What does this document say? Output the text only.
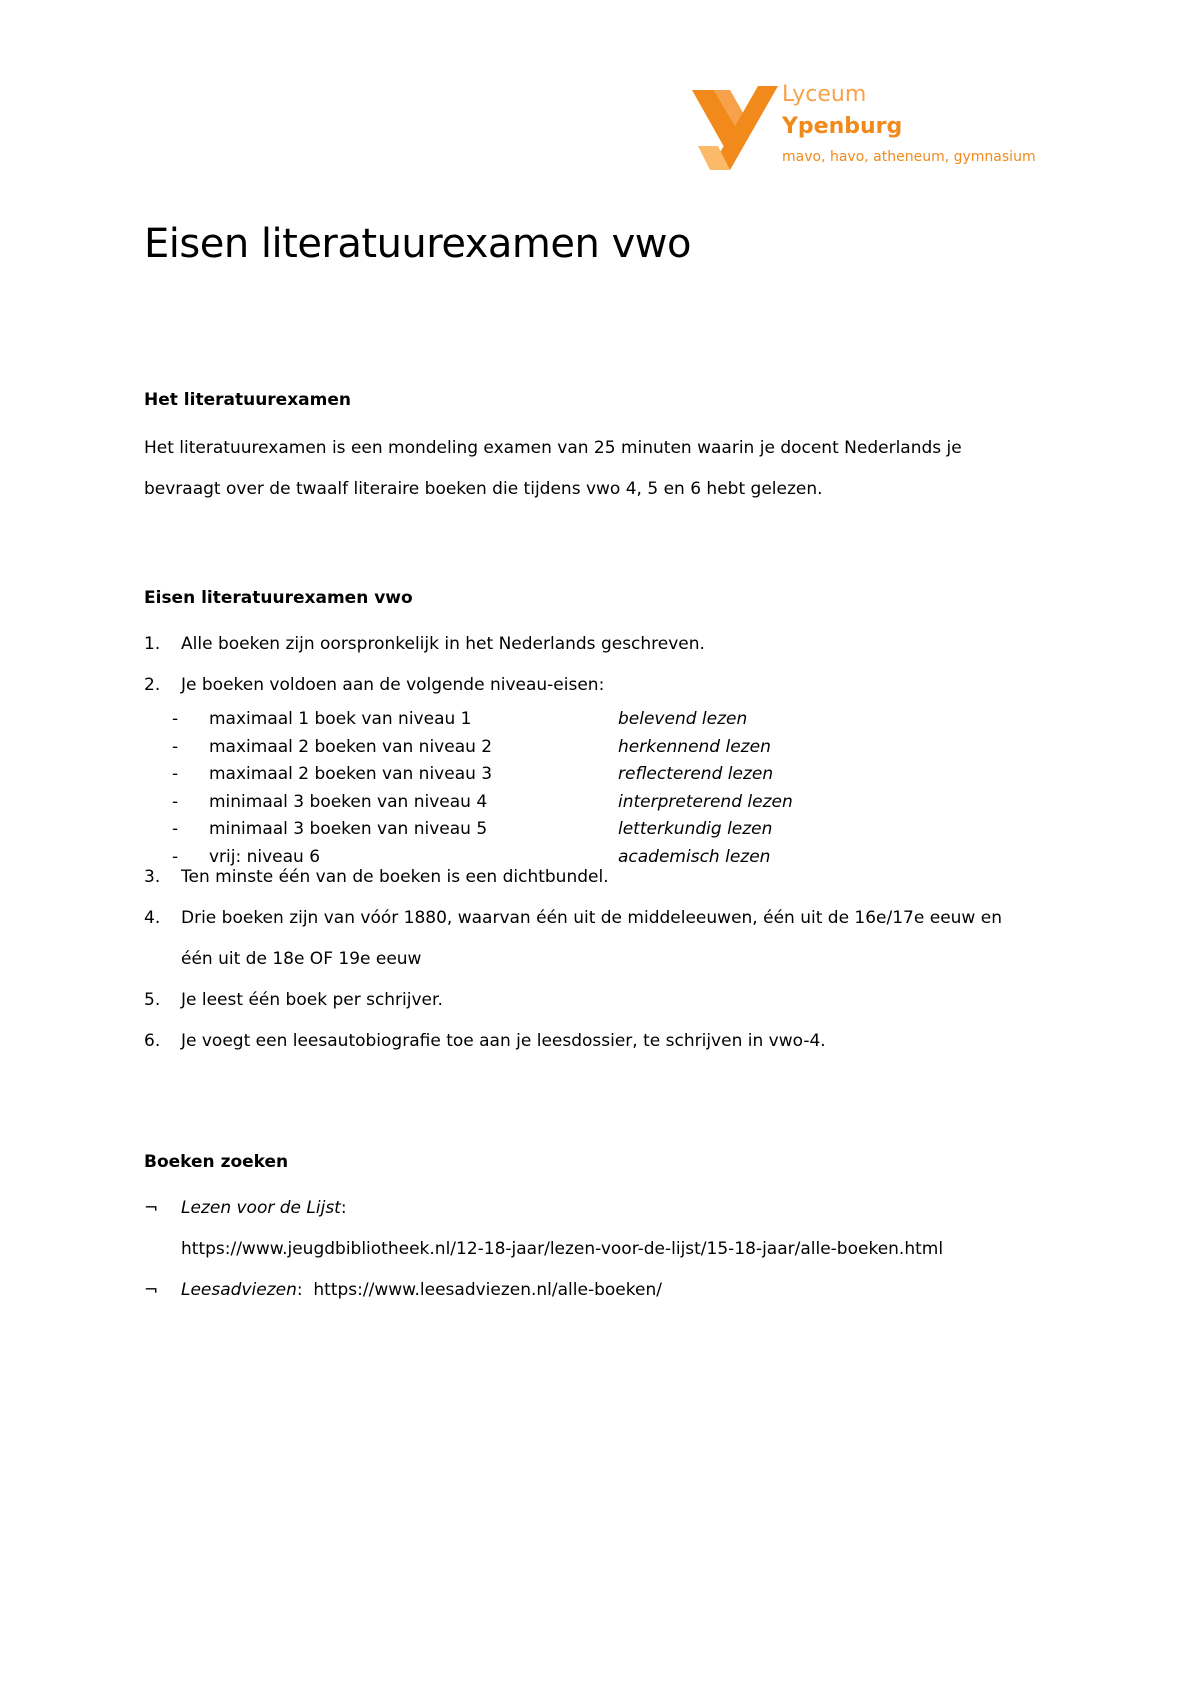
Lyceum
Ypenburg
mavo, havo, atheneum, gymnasium
Eisen literatuurexamen vwo

Het literatuurexamen

Het literatuurexamen is een mondeling examen van 25 minuten waarin je docent Nederlands je
bevraagt over de twaalf literaire boeken die tijdens vwo 4, 5 en 6 hebt gelezen.

Eisen literatuurexamen vwo

1. Alle boeken zijn oorspronkelijk in het Nederlands geschreven.
2. Je boeken voldoen aan de volgende niveau-eisen:
- maximaal 1 boek van niveau 1	belevend lezen
- maximaal 2 boeken van niveau 2	herkennend lezen
- maximaal 2 boeken van niveau 3	reflecterend lezen
- minimaal 3 boeken van niveau 4	interpreterend lezen
- minimaal 3 boeken van niveau 5	letterkundig lezen
- vrij: niveau 6	academisch lezen
3. Ten minste één van de boeken is een dichtbundel.
4. Drie boeken zijn van vóór 1880, waarvan één uit de middeleeuwen, één uit de 16e/17e eeuw en
één uit de 18e OF 19e eeuw
5. Je leest één boek per schrijver.
6. Je voegt een leesautobiografie toe aan je leesdossier, te schrijven in vwo-4.

Boeken zoeken

¬ Lezen voor de Lijst:
https://www.jeugdbibliotheek.nl/12-18-jaar/lezen-voor-de-lijst/15-18-jaar/alle-boeken.html
¬ Leesadviezen:  https://www.leesadviezen.nl/alle-boeken/
